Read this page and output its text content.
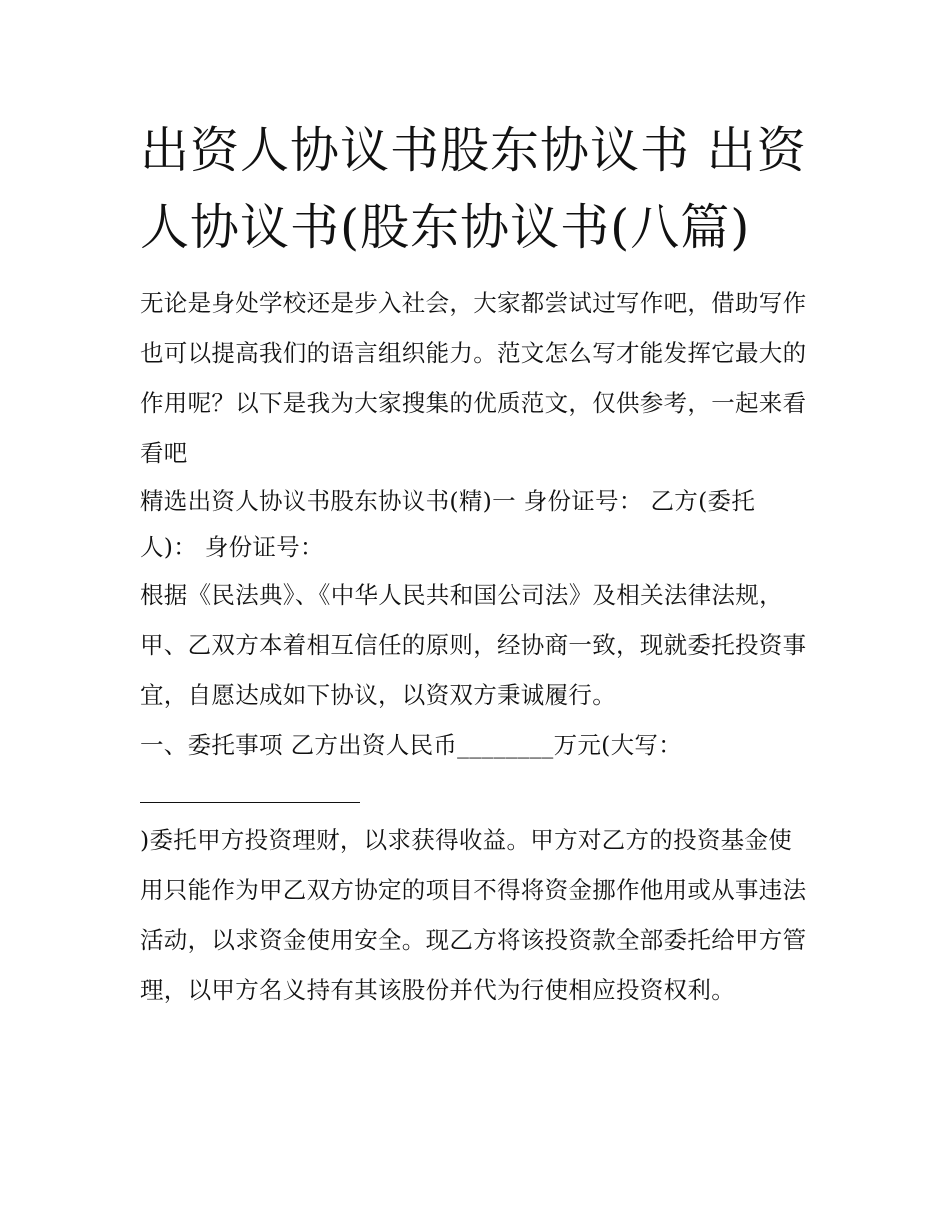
出资人协议书股东协议书 出资人协议书(股东协议书(八篇)

无论是身处学校还是步入社会，大家都尝试过写作吧，借助写作也可以提高我们的语言组织能力。范文怎么写才能发挥它最大的作用呢？以下是我为大家搜集的优质范文，仅供参考，一起来看看吧

精选出资人协议书股东协议书(精)一 身份证号： 乙方(委托人)： 身份证号：

根据《民法典》、《中华人民共和国公司法》及相关法律法规，甲、乙双方本着相互信任的原则，经协商一致，现就委托投资事宜，自愿达成如下协议，以资双方秉诚履行。

一、委托事项 乙方出资人民币________万元(大写：

)委托甲方投资理财，以求获得收益。甲方对乙方的投资基金使用只能作为甲乙双方协定的项目不得将资金挪作他用或从事违法活动，以求资金使用安全。现乙方将该投资款全部委托给甲方管理，以甲方名义持有其该股份并代为行使相应投资权利。
